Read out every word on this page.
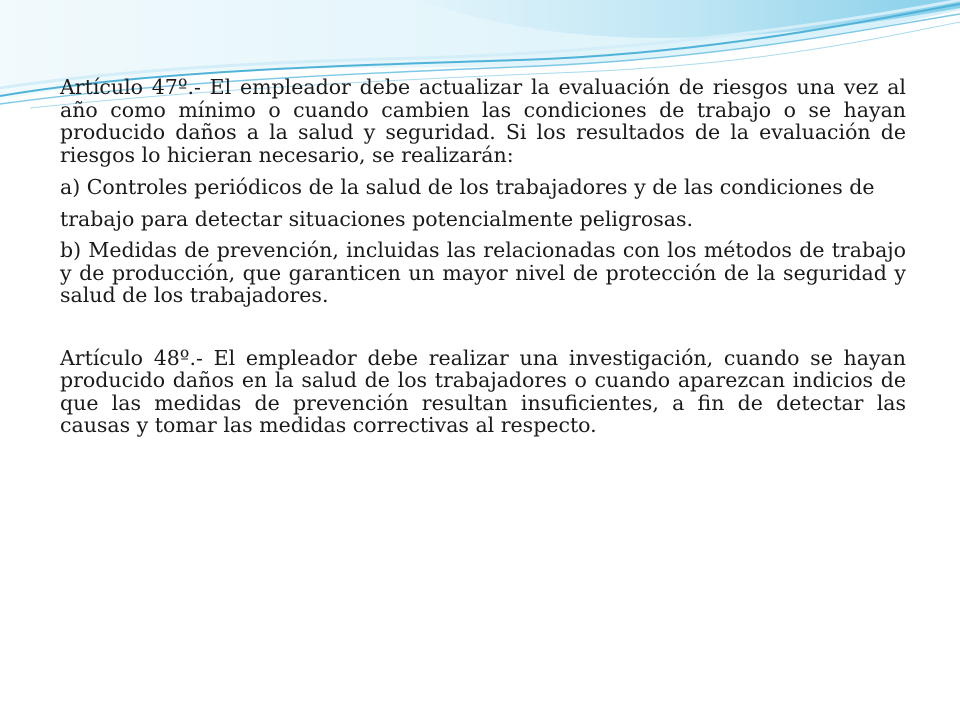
Artículo 47º.- El empleador debe actualizar la evaluación de riesgos una vez al año como mínimo o cuando cambien las condiciones de trabajo o se hayan producido daños a la salud y seguridad. Si los resultados de la evaluación de riesgos lo hicieran necesario, se realizarán:

a) Controles periódicos de la salud de los trabajadores y de las condiciones de

trabajo para detectar situaciones potencialmente peligrosas.

b) Medidas de prevención, incluidas las relacionadas con los métodos de trabajo y de producción, que garanticen un mayor nivel de protección de la seguridad y salud de los trabajadores.

Artículo 48º.- El empleador debe realizar una investigación, cuando se hayan producido daños en la salud de los trabajadores o cuando aparezcan indicios de que las medidas de prevención resultan insuficientes, a fin de detectar las causas y tomar las medidas correctivas al respecto.
